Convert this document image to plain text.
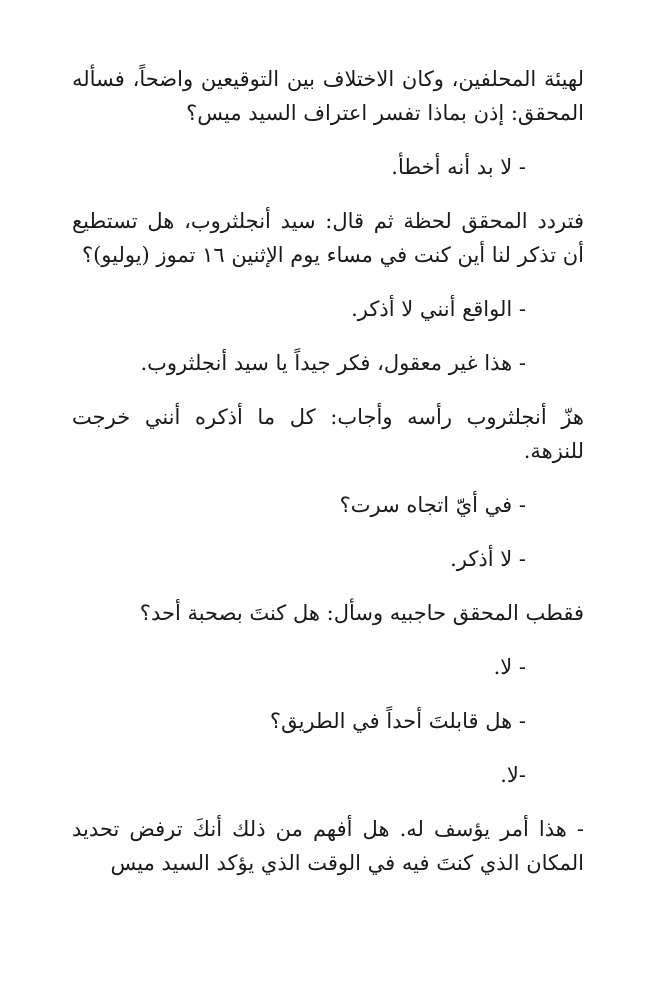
لهيئة المحلفين، وكان الاختلاف بين التوقيعين واضحاً، فسأله المحقق: إذن بماذا تفسر اعتراف السيد ميس؟

- لا بد أنه أخطأ.

فتردد المحقق لحظة ثم قال: سيد أنجلثروب، هل تستطيع أن تذكر لنا أين كنت في مساء يوم الإثنين ١٦ تموز (يوليو)؟

- الواقع أنني لا أذكر.

- هذا غير معقول، فكر جيداً يا سيد أنجلثروب.

هزّ أنجلثروب رأسه وأجاب: كل ما أذكره أنني خرجت للنزهة.

- في أيّ اتجاه سرت؟

- لا أذكر.

فقطب المحقق حاجبيه وسأل: هل كنتَ بصحبة أحد؟

- لا.

- هل قابلتَ أحداً في الطريق؟

-لا.

- هذا أمر يؤسف له. هل أفهم من ذلك أنكَ ترفض تحديد المكان الذي كنتَ فيه في الوقت الذي يؤكد السيد ميس
